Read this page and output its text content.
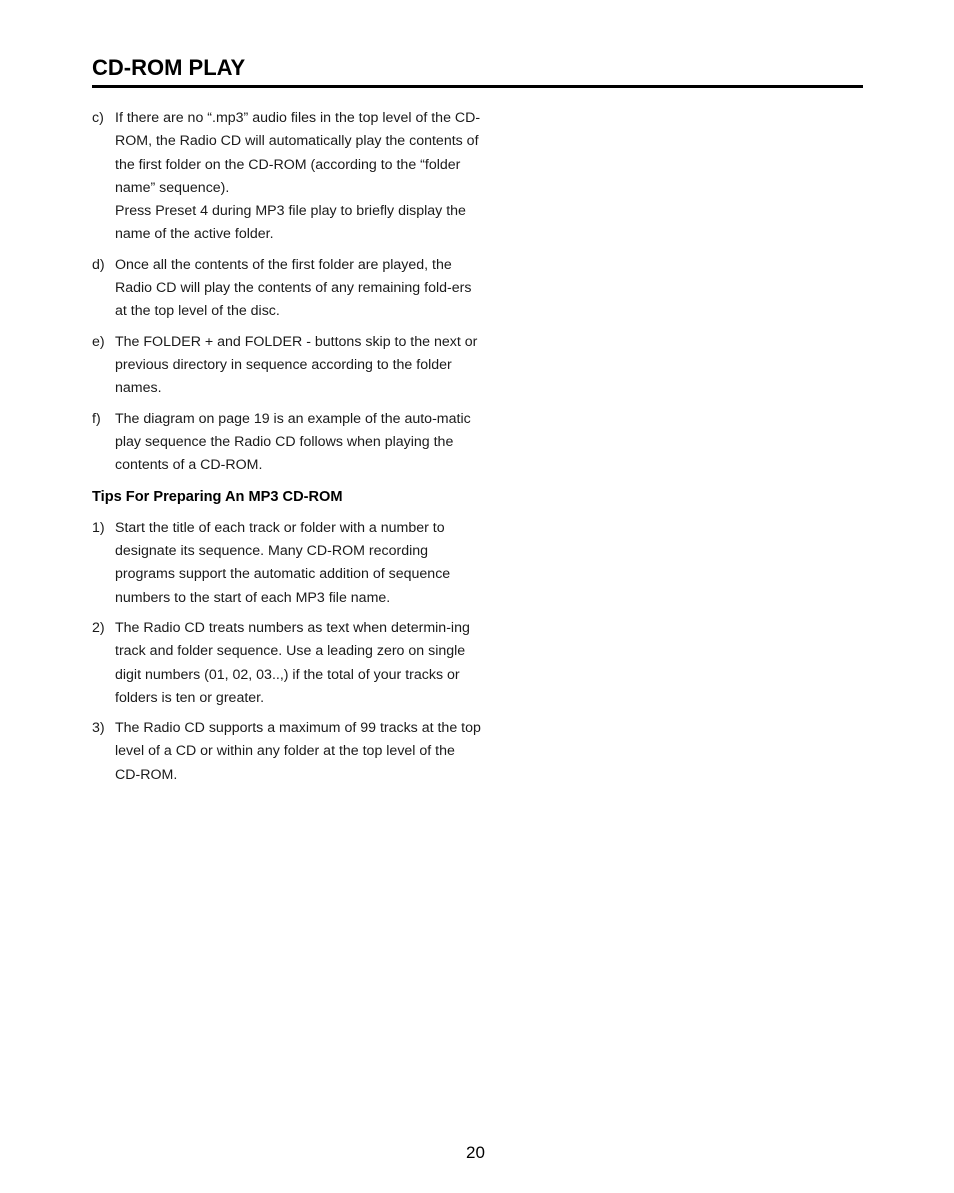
CD-ROM PLAY
c) If there are no “.mp3” audio files in the top level of the CD-ROM, the Radio CD will automatically play the contents of the first folder on the CD-ROM (according to the “folder name” sequence).

Press Preset 4 during MP3 file play to briefly display the name of the active folder.

d) Once all the contents of the first folder are played, the Radio CD will play the contents of any remaining fold-ers at the top level of the disc.

e) The FOLDER + and FOLDER - buttons skip to the next or previous directory in sequence according to the folder names.

f) The diagram on page 19 is an example of the auto-matic play sequence the Radio CD follows when playing the contents of a CD-ROM.

Tips For Preparing An MP3 CD-ROM
1) Start the title of each track or folder with a number to designate its sequence. Many CD-ROM recording programs support the automatic addition of sequence numbers to the start of each MP3 file name.

2) The Radio CD treats numbers as text when determin-ing track and folder sequence. Use a leading zero on single digit numbers (01, 02, 03..,) if the total of your tracks or folders is ten or greater.

3) The Radio CD supports a maximum of 99 tracks at the top level of a CD or within any folder at the top level of the CD-ROM.

20
